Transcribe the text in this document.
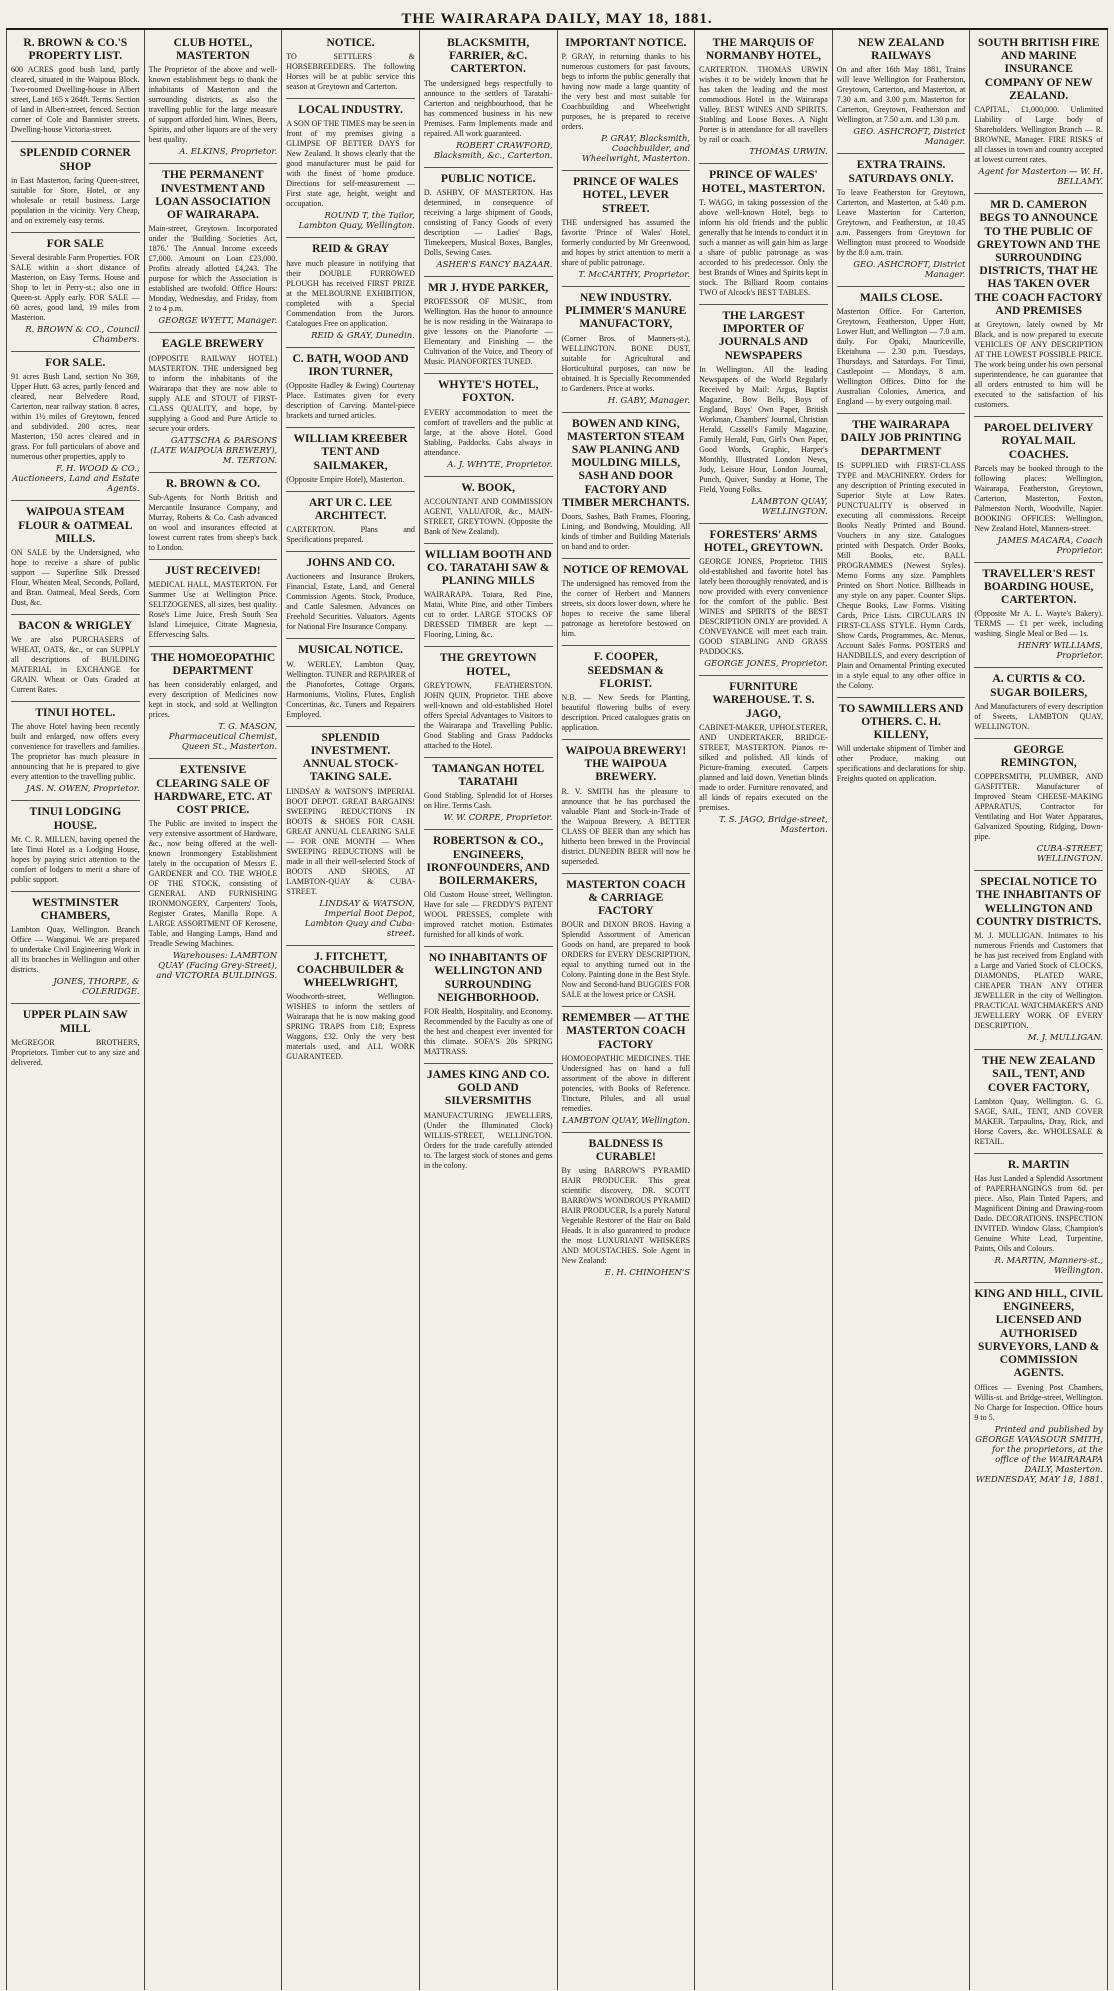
THE WAIRARAPA DAILY, MAY 18, 1881.
R. BROWN & CO.'S PROPERTY LIST.
600 ACRES good bush land, partly cleared, situated in the Waipoua Block. Two-roomed Dwelling-house in Albert street, Land 165 x 264ft. Terms. Section of land in Albert-street, fenced. Section corner of Cole and Bannister streets. Dwelling-house Victoria-street.
SPLENDID CORNER SHOP
in East Masterton, facing Queen-street, suitable for Store, Hotel, or any wholesale or retail business. Large population in the vicinity. Very Cheap, and on extremely easy terms.
FOR SALE
Several desirable Farm Properties. FOR SALE within a short distance of Masterton, on Easy Terms. House and Shop to let in Perry-st.; also one in Queen-st. Apply early. FOR SALE — 60 acres, good land, 19 miles from Masterton.
R. BROWN & CO., Council Chambers.
FOR SALE.
91 acres Bush Land, section No 369, Upper Hutt. 63 acres, partly fenced and cleared, near Belvedere Road, Carterton, near railway station. 8 acres, within 1½ miles of Greytown, fenced and subdivided. 200 acres, near Masterton, 150 acres cleared and in grass. For full particulars of above and numerous other properties, apply to
F. H. WOOD & CO., Auctioneers, Land and Estate Agents.
WAIPOUA STEAM FLOUR & OATMEAL MILLS.
ON SALE by the Undersigned, who hope to receive a share of public support — Superfine Silk Dressed Flour, Wheaten Meal, Seconds, Pollard, and Bran. Oatmeal, Meal Seeds, Corn Dust, &c.
BACON & WRIGLEY
We are also PURCHASERS of WHEAT, OATS, &c., or can SUPPLY all descriptions of BUILDING MATERIAL in EXCHANGE for GRAIN. Wheat or Oats Graded at Current Rates.
TINUI HOTEL.
The above Hotel having been recently built and enlarged, now offers every convenience for travellers and families. The proprietor has much pleasure in announcing that he is prepared to give every attention to the travelling public.
JAS. N. OWEN, Proprietor.
TINUI LODGING HOUSE.
Mr. C. R. MILLEN, having opened the late Tinui Hotel as a Lodging House, hopes by paying strict attention to the comfort of lodgers to merit a share of public support.
WESTMINSTER CHAMBERS,
Lambton Quay, Wellington. Branch Office — Wanganui. We are prepared to undertake Civil Engineering Work in all its branches in Wellington and other districts.
JONES, THORPE, & COLERIDGE.
UPPER PLAIN SAW MILL
McGREGOR BROTHERS, Proprietors. Timber cut to any size and delivered.
CLUB HOTEL, MASTERTON
The Proprietor of the above and well-known establishment begs to thank the inhabitants of Masterton and the surrounding districts, as also the travelling public for the large measure of support afforded him. Wines, Beers, Spirits, and other liquors are of the very best quality.
A. ELKINS, Proprietor.
THE PERMANENT INVESTMENT AND LOAN ASSOCIATION OF WAIRARAPA.
Main-street, Greytown. Incorporated under the 'Building Societies Act, 1876.' The Annual Income exceeds £7,000. Amount on Loan £23,000. Profits already allotted £4,243. The purpose for which the Association is established are twofold. Office Hours: Monday, Wednesday, and Friday, from 2 to 4 p.m.
GEORGE WYETT, Manager.
EAGLE BREWERY
(OPPOSITE RAILWAY HOTEL) MASTERTON. THE undersigned beg to inform the inhabitants of the Wairarapa that they are now able to supply ALE and STOUT of FIRST-CLASS QUALITY, and hope, by supplying a Good and Pure Article to secure your orders.
GATTSCHA & PARSONS (LATE WAIPOUA BREWERY), M. TERTON.
R. BROWN & CO.
Sub-Agents for North British and Mercantile Insurance Company, and Murray, Roberts & Co. Cash advanced on wool and insurances effected at lowest current rates from sheep's back to London.
JUST RECEIVED!
MEDICAL HALL, MASTERTON. For Summer Use at Wellington Price. SELTZOGENES, all sizes, best quality. Rose's Lime Juice, Fresh South Sea Island Limejuice, Citrate Magnesia, Effervescing Salts.
THE HOMOEOPATHIC DEPARTMENT
has been considerably enlarged, and every description of Medicines now kept in stock, and sold at Wellington prices.
T. G. MASON, Pharmaceutical Chemist, Queen St., Masterton.
EXTENSIVE CLEARING SALE OF HARDWARE, ETC. AT COST PRICE.
The Public are invited to inspect the very extensive assortment of Hardware, &c., now being offered at the well-known Ironmongery Establishment lately in the occupation of Messrs E. GARDENER and CO. THE WHOLE OF THE STOCK, consisting of GENERAL AND FURNISHING IRONMONGERY, Carpenters' Tools, Register Grates, Manilla Rope. A LARGE ASSORTMENT OF Kerosene, Table, and Hanging Lamps, Hand and Treadle Sewing Machines.
Warehouses: LAMBTON QUAY (Facing Grey-Street), and VICTORIA BUILDINGS.
NOTICE.
TO SETTLERS & HORSEBREEDERS. The following Horses will be at public service this season at Greytown and Carterton.
LOCAL INDUSTRY.
A SON OF THE TIMES may be seen in front of my premises giving a GLIMPSE OF BETTER DAYS for New Zealand. It shows clearly that the good manufacturer must be paid for with the finest of home produce. Directions for self-measurement — First state age, height, weight and occupation.
ROUND T, the Tailor, Lambton Quay, Wellington.
REID & GRAY
have much pleasure in notifying that their DOUBLE FURROWED PLOUGH has received FIRST PRIZE at the MELBOURNE EXHIBITION, completed with a Special Commendation from the Jurors. Catalogues Free on application.
REID & GRAY, Dunedin.
C. BATH, WOOD AND IRON TURNER,
(Opposite Hadley & Ewing) Courtenay Place. Estimates given for every description of Carving. Mantel-piece brackets and turned articles.
WILLIAM KREEBER TENT AND SAILMAKER,
(Opposite Empire Hotel), Masterton.
ART UR C. LEE ARCHITECT.
CARTERTON. Plans and Specifications prepared.
JOHNS AND CO.
Auctioneers and Insurance Brokers, Financial, Estate, Land, and General Commission Agents. Stock, Produce, and Cattle Salesmen. Advances on Freehold Securities. Valuators. Agents for National Fire Insurance Company.
MUSICAL NOTICE.
W. WERLEY, Lambton Quay, Wellington. TUNER and REPAIRER of the Pianofortes, Cottage Organs, Harmoniums, Violins, Flutes, English Concertinas, &c. Tuners and Repairers Employed.
SPLENDID INVESTMENT. ANNUAL STOCK-TAKING SALE.
LINDSAY & WATSON'S IMPERIAL BOOT DEPOT. GREAT BARGAINS! SWEEPING REDUCTIONS IN BOOTS & SHOES FOR CASH. GREAT ANNUAL CLEARING SALE — FOR ONE MONTH — When SWEEPING REDUCTIONS will be made in all their well-selected Stock of BOOTS AND SHOES, AT LAMBTON-QUAY & CUBA-STREET.
LINDSAY & WATSON, Imperial Boot Depot, Lambton Quay and Cuba-street.
J. FITCHETT, COACHBUILDER & WHEELWRIGHT,
Woodworth-street, Wellington. WISHES to inform the settlers of Wairarapa that he is now making good SPRING TRAPS from £18; Express Waggons, £32. Only the very best materials used, and ALL WORK GUARANTEED.
BLACKSMITH, FARRIER, &C. CARTERTON.
The undersigned begs respectfully to announce to the settlers of Taratahi-Carterton and neighbourhood, that he has commenced business in his new Premises. Farm Implements made and repaired. All work guaranteed.
ROBERT CRAWFORD, Blacksmith, &c., Carterton.
PUBLIC NOTICE.
D. ASHBY, OF MASTERTON. Has determined, in consequence of receiving a large shipment of Goods, consisting of Fancy Goods of every description — Ladies' Bags, Timekeepers, Musical Boxes, Bangles, Dolls, Sewing Cases.
ASHER'S FANCY BAZAAR.
MR J. HYDE PARKER,
PROFESSOR OF MUSIC, from Wellington. Has the honor to announce he is now residing in the Wairarapa to give lessons on the Pianoforte — Elementary and Finishing — the Cultivation of the Voice, and Theory of Music. PIANOFORTES TUNED.
WHYTE'S HOTEL, FOXTON.
EVERY accommodation to meet the comfort of travellers and the public at large, at the above Hotel. Good Stabling, Paddocks. Cabs always in attendance.
A. J. WHYTE, Proprietor.
W. BOOK,
ACCOUNTANT AND COMMISSION AGENT, VALUATOR, &c., MAIN-STREET, GREYTOWN. (Opposite the Bank of New Zealand).
WILLIAM BOOTH AND CO. TARATAHI SAW & PLANING MILLS
WAIRARAPA. Totara, Red Pine, Matai, White Pine, and other Timbers cut to order. LARGE STOCKS OF DRESSED TIMBER are kept — Flooring, Lining, &c.
THE GREYTOWN HOTEL,
GREYTOWN, FEATHERSTON. JOHN QUIN, Proprietor. THE above well-known and old-established Hotel offers Special Advantages to Visitors to the Wairarapa and Travelling Public. Good Stabling and Grass Paddocks attached to the Hotel.
TAMANGAN HOTEL TARATAHI
Good Stabling. Splendid lot of Horses on Hire. Terms Cash.
W. W. CORPE, Proprietor.
ROBERTSON & CO., ENGINEERS, IRONFOUNDERS, AND BOILERMAKERS,
Old Custom House street, Wellington. Have for sale — FREDDY'S PATENT WOOL PRESSES, complete with improved ratchet motion. Estimates furnished for all kinds of work.
NO INHABITANTS OF WELLINGTON AND SURROUNDING NEIGHBORHOOD.
FOR Health, Hospitality, and Economy. Recommended by the Faculty as one of the best and cheapest ever invented for this climate. SOFA'S 20s SPRING MATTRASS.
JAMES KING AND CO. GOLD AND SILVERSMITHS
MANUFACTURING JEWELLERS, (Under the Illuminated Clock) WILLIS-STREET, WELLINGTON. Orders for the trade carefully attended to. The largest stock of stones and gems in the colony.
IMPORTANT NOTICE.
P. GRAY, in returning thanks to his numerous customers for past favours, begs to inform the public generally that having now made a large quantity of the very best and most suitable for Coachbuilding and Wheelwright purposes, he is prepared to receive orders.
P. GRAY, Blacksmith, Coachbuilder, and Wheelwright, Masterton.
PRINCE OF WALES HOTEL, LEVER STREET.
THE undersigned has assumed the favorite 'Prince of Wales' Hotel, formerly conducted by Mr Greenwood, and hopes by strict attention to merit a share of public patronage.
T. McCARTHY, Proprietor.
NEW INDUSTRY. PLIMMER'S MANURE MANUFACTORY,
(Corner Bros. of Manners-st.), WELLINGTON. BONE DUST, suitable for Agricultural and Horticultural purposes, can now be obtained. It is Specially Recommended to Gardeners. Price at works.
H. GABY, Manager.
BOWEN AND KING, MASTERTON STEAM SAW PLANING AND MOULDING MILLS, SASH AND DOOR FACTORY AND TIMBER MERCHANTS.
Doors, Sashes, Bath Frames, Flooring, Lining, and Bondwing, Moulding. All kinds of timber and Building Materials on hand and to order.
NOTICE OF REMOVAL
The undersigned has removed from the the corner of Herbert and Manners streets, six doors lower down, where he hopes to receive the same liberal patronage as heretofore bestowed on him.
F. COOPER, SEEDSMAN & FLORIST.
N.B. — New Seeds for Planting, beautiful flowering bulbs of every description. Priced catalogues gratis on application.
WAIPOUA BREWERY! THE WAIPOUA BREWERY.
R. V. SMITH has the pleasure to announce that he has purchased the valuable Plant and Stock-in-Trade of the Waipoua Brewery. A BETTER CLASS OF BEER than any which has hitherto been brewed in the Provincial district. DUNEDIN BEER will now be superseded.
MASTERTON COACH & CARRIAGE FACTORY
BOUR and DIXON BROS. Having a Splendid Assortment of American Goods on hand, are prepared to book ORDERS for EVERY DESCRIPTION, equal to anything turned out in the Colony. Painting done in the Best Style. Now and Second-hand BUGGIES FOR SALE at the lowest price or CASH.
REMEMBER — AT THE MASTERTON COACH FACTORY
HOMOEOPATHIC MEDICINES. THE Undersigned has on hand a full assortment of the above in different potencies, with Books of Reference. Tincture, Pilules, and all usual remedies.
LAMBTON QUAY, Wellington.
BALDNESS IS CURABLE!
By using BARROW'S PYRAMID HAIR PRODUCER. This great scientific discovery, DR. SCOTT BARROW'S WONDROUS PYRAMID HAIR PRODUCER, Is a purely Natural Vegetable Restorer of the Hair on Bald Heads. It is also guaranteed to produce the most LUXURIANT WHISKERS AND MOUSTACHES. Sole Agent in New Zealand:
E. H. CHINOHEN'S
THE MARQUIS OF NORMANBY HOTEL,
CARTERTON. THOMAS URWIN wishes it to be widely known that he has taken the leading and the most commodious Hotel in the Wairarapa Valley. BEST WINES AND SPIRITS. Stabling and Loose Boxes. A Night Porter is in attendance for all travellers by rail or coach.
THOMAS URWIN.
PRINCE OF WALES' HOTEL, MASTERTON.
T. WAGG, in taking possession of the above well-known Hotel, begs to inform his old friends and the public generally that he intends to conduct it in such a manner as will gain him as large a share of public patronage as was accorded to his predecessor. Only the best Brands of Wines and Spirits kept in stock. The Billiard Room contains TWO of Alcock's BEST TABLES.
THE LARGEST IMPORTER OF JOURNALS AND NEWSPAPERS
In Wellington. All the leading Newspapers of the World Regularly Received by Mail: Argus, Baptist Magazine, Bow Bells, Boys of England, Boys' Own Paper, British Workman, Chambers' Journal, Christian Herald, Cassell's Family Magazine, Family Herald, Fun, Girl's Own Paper, Good Words, Graphic, Harper's Monthly, Illustrated London News, Judy, Leisure Hour, London Journal, Punch, Quiver, Sunday at Home, The Field, Young Folks.
LAMBTON QUAY, WELLINGTON.
FORESTERS' ARMS HOTEL, GREYTOWN.
GEORGE JONES, Proprietor. THIS old-established and favorite hotel has lately been thoroughly renovated, and is now provided with every convenience for the comfort of the public. Best WINES and SPIRITS of the BEST DESCRIPTION ONLY are provided. A CONVEYANCE will meet each train. GOOD STABLING AND GRASS PADDOCKS.
GEORGE JONES, Proprietor.
FURNITURE WAREHOUSE. T. S. JAGO,
CABINET-MAKER, UPHOLSTERER, AND UNDERTAKER, BRIDGE-STREET, MASTERTON. Pianos re-silked and polished. All kinds of Picture-framing executed. Carpets planned and laid down. Venetian blinds made to order. Furniture renovated, and all kinds of repairs executed on the premises.
T. S. JAGO, Bridge-street, Masterton.
NEW ZEALAND RAILWAYS
On and after 16th May 1881, Trains will leave Wellington for Featherston, Greytown, Carterton, and Masterton, at 7.30 a.m. and 3.00 p.m. Masterton for Carterton, Greytown, Featherston and Wellington, at 7.50 a.m. and 1.30 p.m.
GEO. ASHCROFT, District Manager.
EXTRA TRAINS. SATURDAYS ONLY.
To leave Featherston for Greytown, Carterton, and Masterton, at 5.40 p.m. Leave Masterton for Carterton, Greytown, and Featherston, at 10.45 a.m. Passengers from Greytown for Wellington must proceed to Woodside by the 8.0 a.m. train.
GEO. ASHCROFT, District Manager.
MAILS CLOSE.
Masterton Office. For Carterton, Greytown, Featherston, Upper Hutt, Lower Hutt, and Wellington — 7.0 a.m. daily. For Opaki, Mauriceville, Eketahuna — 2.30 p.m. Tuesdays, Thursdays, and Saturdays. For Tinui, Castlepoint — Mondays, 8 a.m. Wellington Offices. Ditto for the Australian Colonies, America, and England — by every outgoing mail.
THE WAIRARAPA DAILY JOB PRINTING DEPARTMENT
IS SUPPLIED with FIRST-CLASS TYPE and MACHINERY. Orders for any description of Printing executed in Superior Style at Low Rates. PUNCTUALITY is observed in executing all commissions. Receipt Books Neatly Printed and Bound. Vouchers in any size. Catalogues printed with Despatch. Order Books, Mill Books, etc. BALL PROGRAMMES (Newest Styles). Memo Forms any size. Pamphlets Printed on Short Notice. Billheads in any style on any paper. Counter Slips. Cheque Books, Law Forms. Visiting Cards, Price Lists. CIRCULARS IN FIRST-CLASS STYLE. Hymn Cards, Show Cards, Programmes, &c. Menus, Account Sales Forms. POSTERS and HANDBILLS, and every description of Plain and Ornamental Printing executed in a style equal to any other office in the Colony.
TO SAWMILLERS AND OTHERS. C. H. KILLENY,
Will undertake shipment of Timber and other Produce, making out specifications and declarations for ship. Freights quoted on application.
SOUTH BRITISH FIRE AND MARINE INSURANCE COMPANY OF NEW ZEALAND.
CAPITAL, £1,000,000. Unlimited Liability of Large body of Shareholders. Wellington Branch — R. BROWNE, Manager. FIRE RISKS of all classes in town and country accepted at lowest current rates.
Agent for Masterton — W. H. BELLAMY.
MR D. CAMERON BEGS TO ANNOUNCE TO THE PUBLIC OF GREYTOWN AND THE SURROUNDING DISTRICTS, THAT HE HAS TAKEN OVER THE COACH FACTORY AND PREMISES
at Greytown, lately owned by Mr Black, and is now prepared to execute VEHICLES OF ANY DESCRIPTION AT THE LOWEST POSSIBLE PRICE. The work being under his own personal superintendence, he can guarantee that all orders entrusted to him will be executed to the satisfaction of his customers.
PAROEL DELIVERY ROYAL MAIL COACHES.
Parcels may be booked through to the following places: Wellington, Wairarapa, Featherston, Greytown, Carterton, Masterton, Foxton, Palmerston North, Woodville, Napier. BOOKING OFFICES: Wellington, New Zealand Hotel, Manners-street.
JAMES MACARA, Coach Proprietor.
TRAVELLER'S REST BOARDING HOUSE, CARTERTON.
(Opposite Mr A. L. Wayte's Bakery). TERMS — £1 per week, including washing. Single Meal or Bed — 1s.
HENRY WILLIAMS, Proprietor.
A. CURTIS & CO. SUGAR BOILERS,
And Manufacturers of every description of Sweets, LAMBTON QUAY, WELLINGTON.
GEORGE REMINGTON,
COPPERSMITH, PLUMBER, AND GASFITTER. Manufacturer of Improved Steam CHEESE-MAKING APPARATUS, Contractor for Ventilating and Hot Water Apparatus, Galvanized Spouting, Ridging, Down-pipe.
CUBA-STREET, WELLINGTON.
SPECIAL NOTICE TO THE INHABITANTS OF WELLINGTON AND COUNTRY DISTRICTS.
M. J. MULLIGAN. Intimates to his numerous Friends and Customers that he has just received from England with a Large and Varied Stock of CLOCKS, DIAMONDS, PLATED WARE, CHEAPER THAN ANY OTHER JEWELLER in the city of Wellington. PRACTICAL WATCHMAKER'S AND JEWELLERY WORK OF EVERY DESCRIPTION.
M. J. MULLIGAN.
THE NEW ZEALAND SAIL, TENT, AND COVER FACTORY,
Lambton Quay, Wellington. G. G. SAGE, SAIL, TENT, AND COVER MAKER. Tarpaulins, Dray, Rick, and Horse Covers, &c. WHOLESALE & RETAIL.
R. MARTIN
Has Just Landed a Splendid Assortment of PAPERHANGINGS from 6d. per piece. Also, Plain Tinted Papers, and Magnificent Dining and Drawing-room Dado. DECORATIONS. INSPECTION INVITED. Window Glass, Champion's Genuine White Lead, Turpentine, Paints, Oils and Colours.
R. MARTIN, Manners-st., Wellington.
KING AND HILL, CIVIL ENGINEERS, LICENSED AND AUTHORISED SURVEYORS, LAND & COMMISSION AGENTS.
Offices — Evening Post Chambers, Willis-st. and Bridge-street, Wellington. No Charge for Inspection. Office hours 9 to 5.
Printed and published by GEORGE VAVASOUR SMITH, for the proprietors, at the office of the WAIRARAPA DAILY, Masterton. WEDNESDAY, MAY 18, 1881.
